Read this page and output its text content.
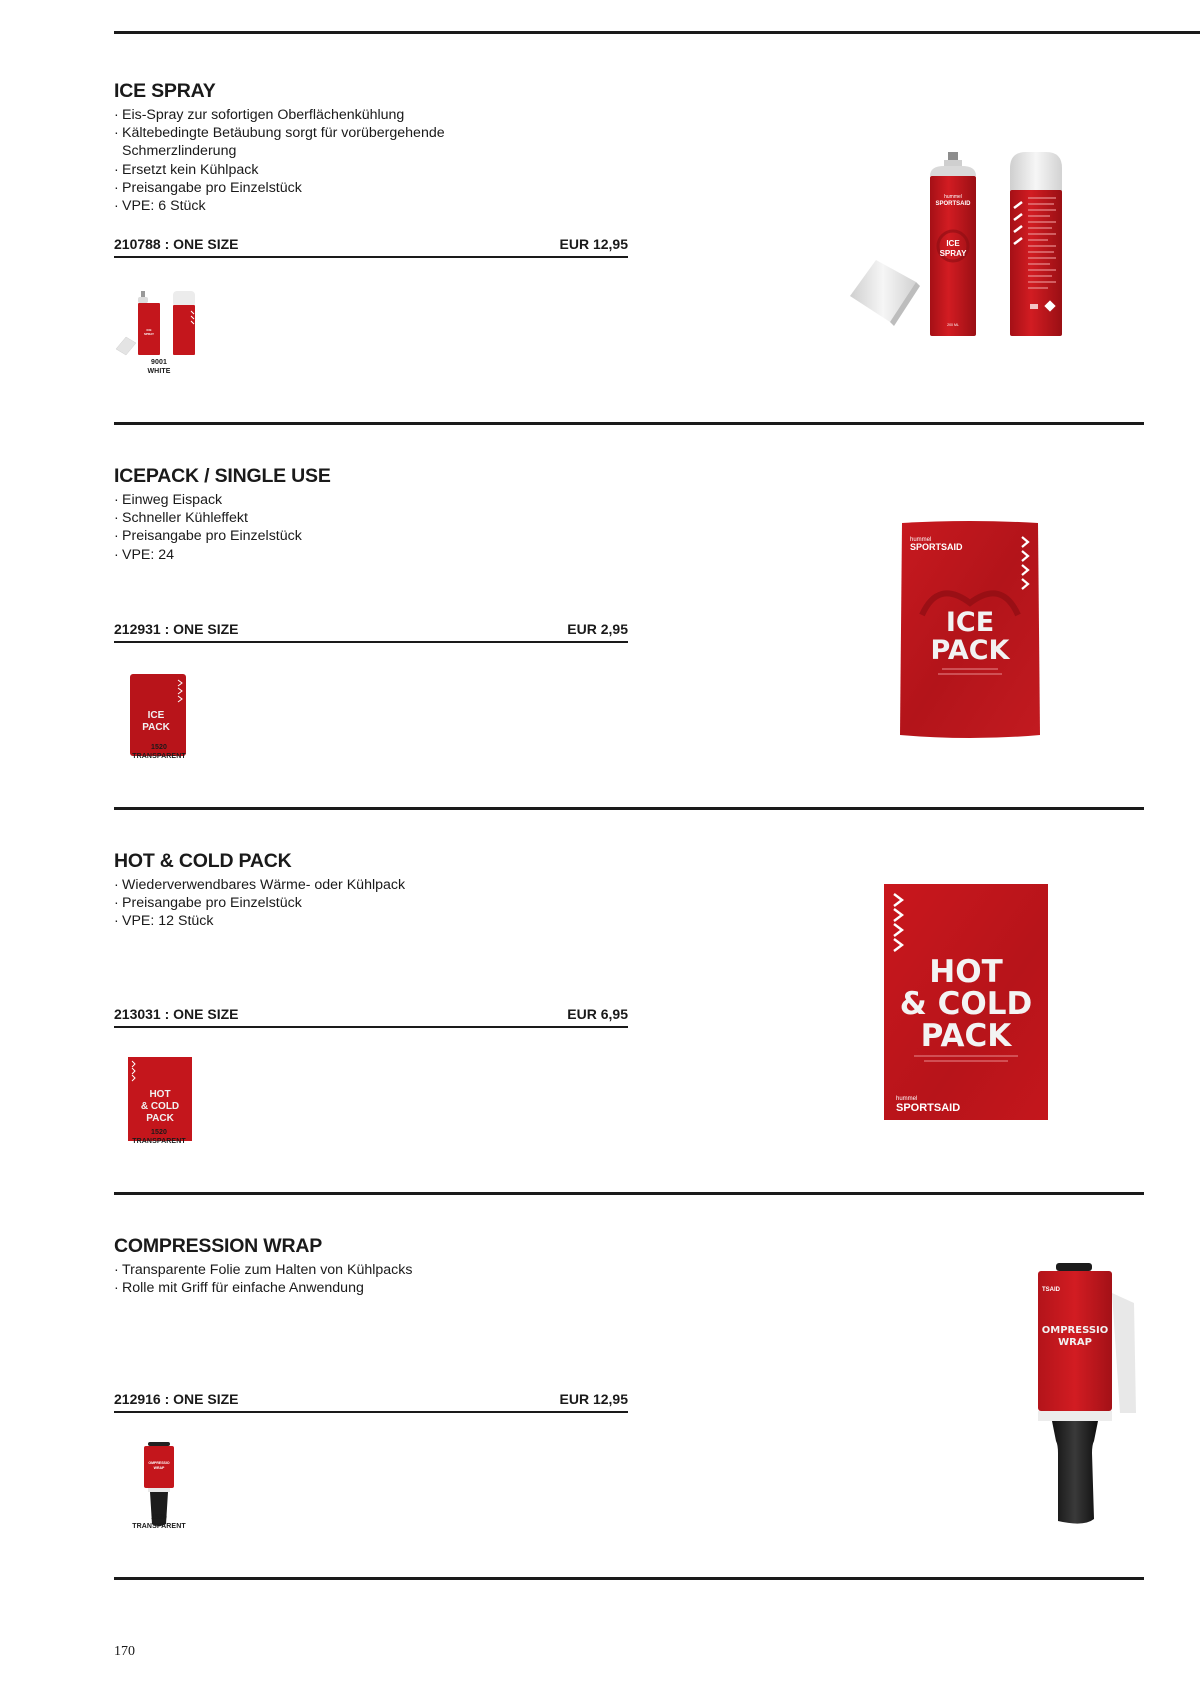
ICE SPRAY
· Eis-Spray zur sofortigen Oberflächenkühlung
· Kältebedingte Betäubung sorgt für vorübergehende Schmerzlinderung
· Ersetzt kein Kühlpack
· Preisangabe pro Einzelstück
· VPE: 6 Stück
210788 : ONE SIZE	EUR 12,95
ICE
SPRAY
9001
WHITE
hummel
SPORTSAID
ICE
SPRAY
200 ML
ICEPACK / SINGLE USE
· Einweg Eispack
· Schneller Kühleffekt
· Preisangabe pro Einzelstück
· VPE: 24
212931 : ONE SIZE	EUR 2,95
ICE
PACK
1520
TRANSPARENT
hummel
SPORTSAID
ICE
PACK
HOT & COLD PACK
· Wiederverwendbares Wärme- oder Kühlpack
· Preisangabe pro Einzelstück
· VPE: 12 Stück
213031 : ONE SIZE	EUR 6,95
HOT
& COLD
PACK
1520
TRANSPARENT
HOT
& COLD
PACK
hummel
SPORTSAID
COMPRESSION WRAP
· Transparente Folie zum Halten von Kühlpacks
· Rolle mit Griff für einfache Anwendung
212916 : ONE SIZE	EUR 12,95
OMPRESSIO
WRAP
1520
TRANSPARENT
TSAID
OMPRESSIO
WRAP
170
